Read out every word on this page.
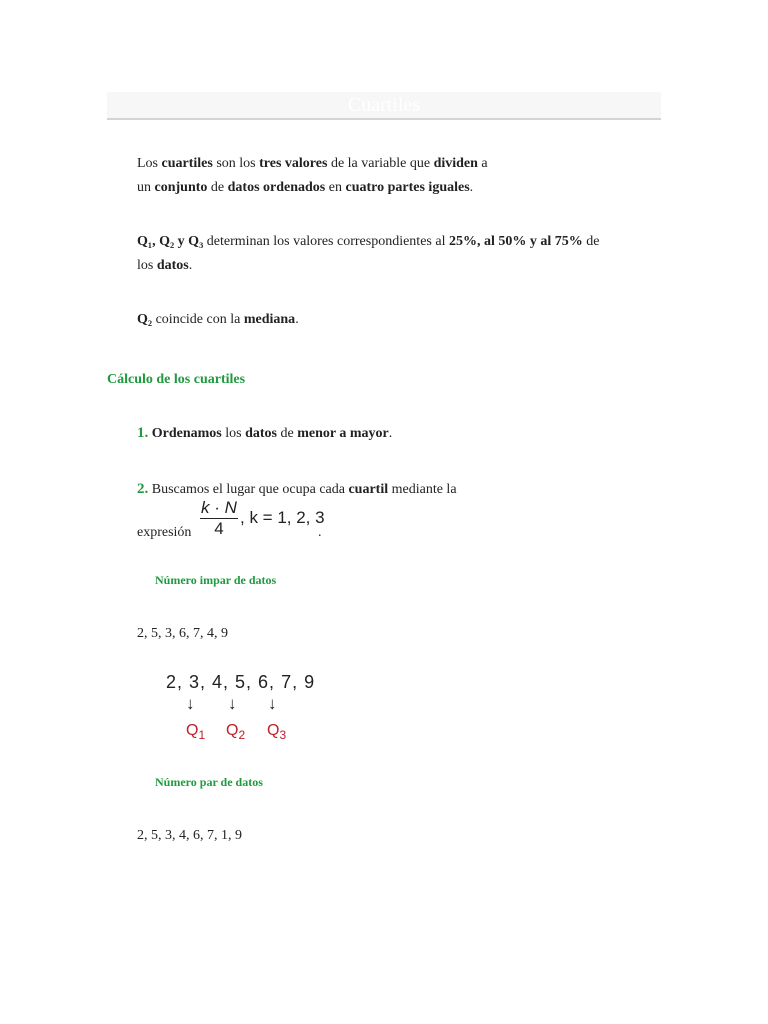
Cuartiles
Los cuartiles son los tres valores de la variable que dividen a
un conjunto de datos ordenados en cuatro partes iguales.
Q₁, Q₂ y Q₃ determinan los valores correspondientes al 25%, al 50% y al 75% de
los datos.
Q₂ coincide con la mediana.
Cálculo de los cuartiles
1. Ordenamos los datos de menor a mayor.
2. Buscamos el lugar que ocupa cada cuartil mediante la
expresión $\frac{k \cdot N}{4}$ , k = 1, 2, 3
.
Número impar de datos
2, 5, 3, 6, 7, 4, 9
2, 3, 4, 5, 6, 7, 9
↓ ↓ ↓
$Q_1$ $Q_2$ $Q_3$
Número par de datos
2, 5, 3, 4, 6, 7, 1, 9
